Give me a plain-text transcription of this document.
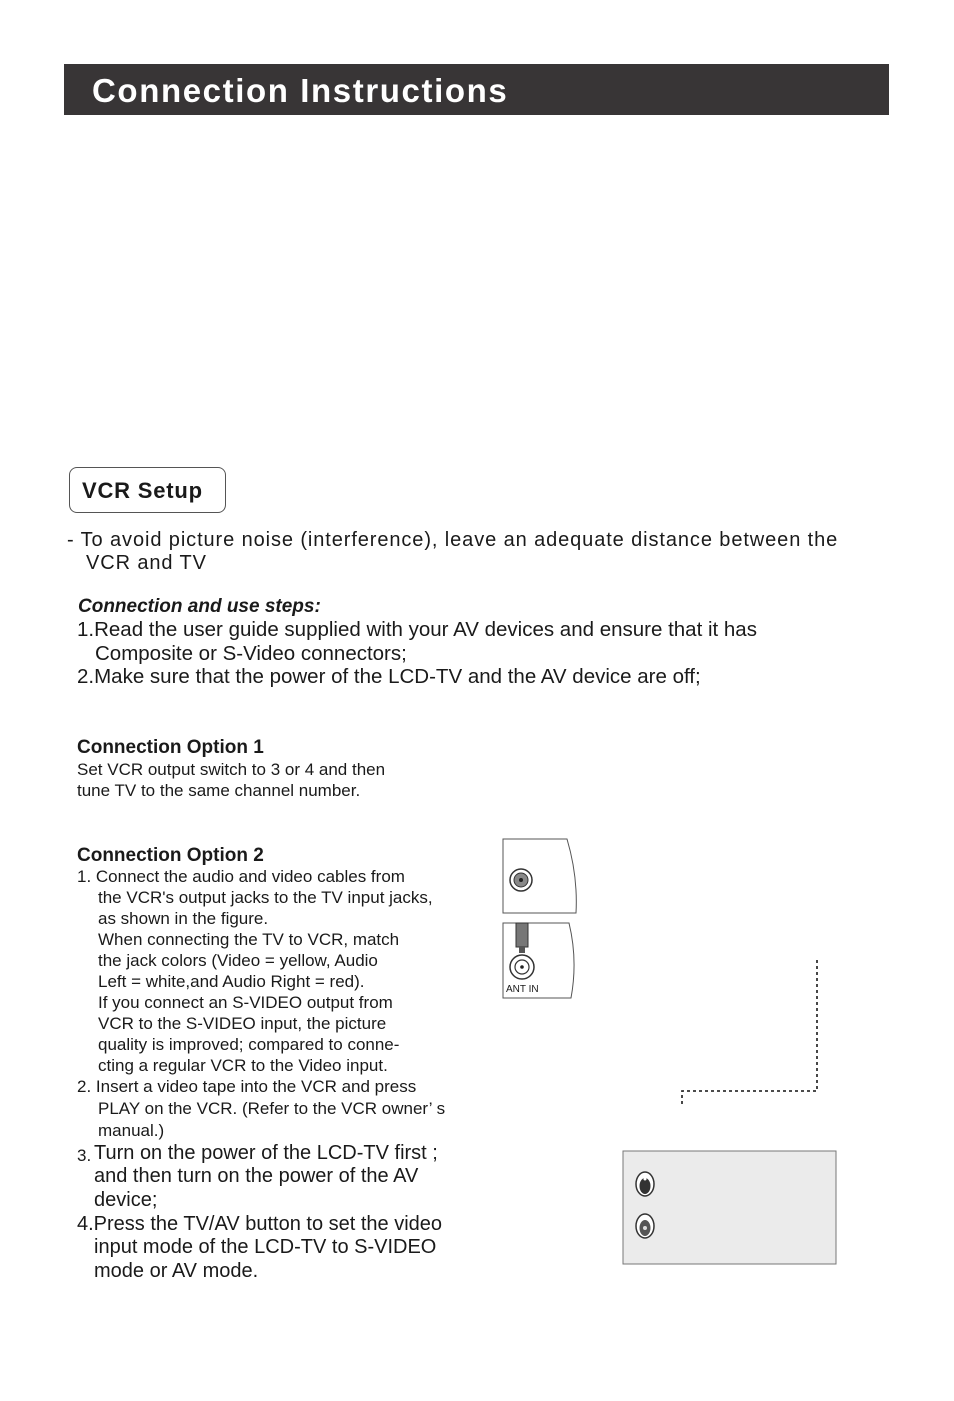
Connection Instructions
VCR Setup
- To avoid picture noise (interference), leave an adequate distance between the
VCR and TV
Connection and use steps:
1.Read the user guide supplied with your AV devices and ensure that it has
Composite or S-Video connectors;
2.Make sure that the power of the LCD-TV and the AV device are off;
Connection Option 1
Set VCR output switch to 3 or 4 and then
tune TV to the same channel number.
Connection Option 2
1. Connect the audio and video cables from
the VCR's output jacks to the TV input jacks,
as shown in the figure.
When connecting the TV to VCR, match
the jack colors (Video = yellow, Audio
Left = white,and Audio Right = red).
If you connect an S-VIDEO output from
VCR to the S-VIDEO input, the picture
quality is improved; compared to conne-
cting a regular VCR to the Video input.
2. Insert a video tape into the VCR and press
PLAY on the VCR. (Refer to the VCR owner’ s
manual.)
3. Turn on the power of the LCD-TV first ;
and then turn on the power of the AV
device;
4.Press the TV/AV button to set the video
input mode of the LCD-TV to S-VIDEO
mode or AV mode.
ANT IN
